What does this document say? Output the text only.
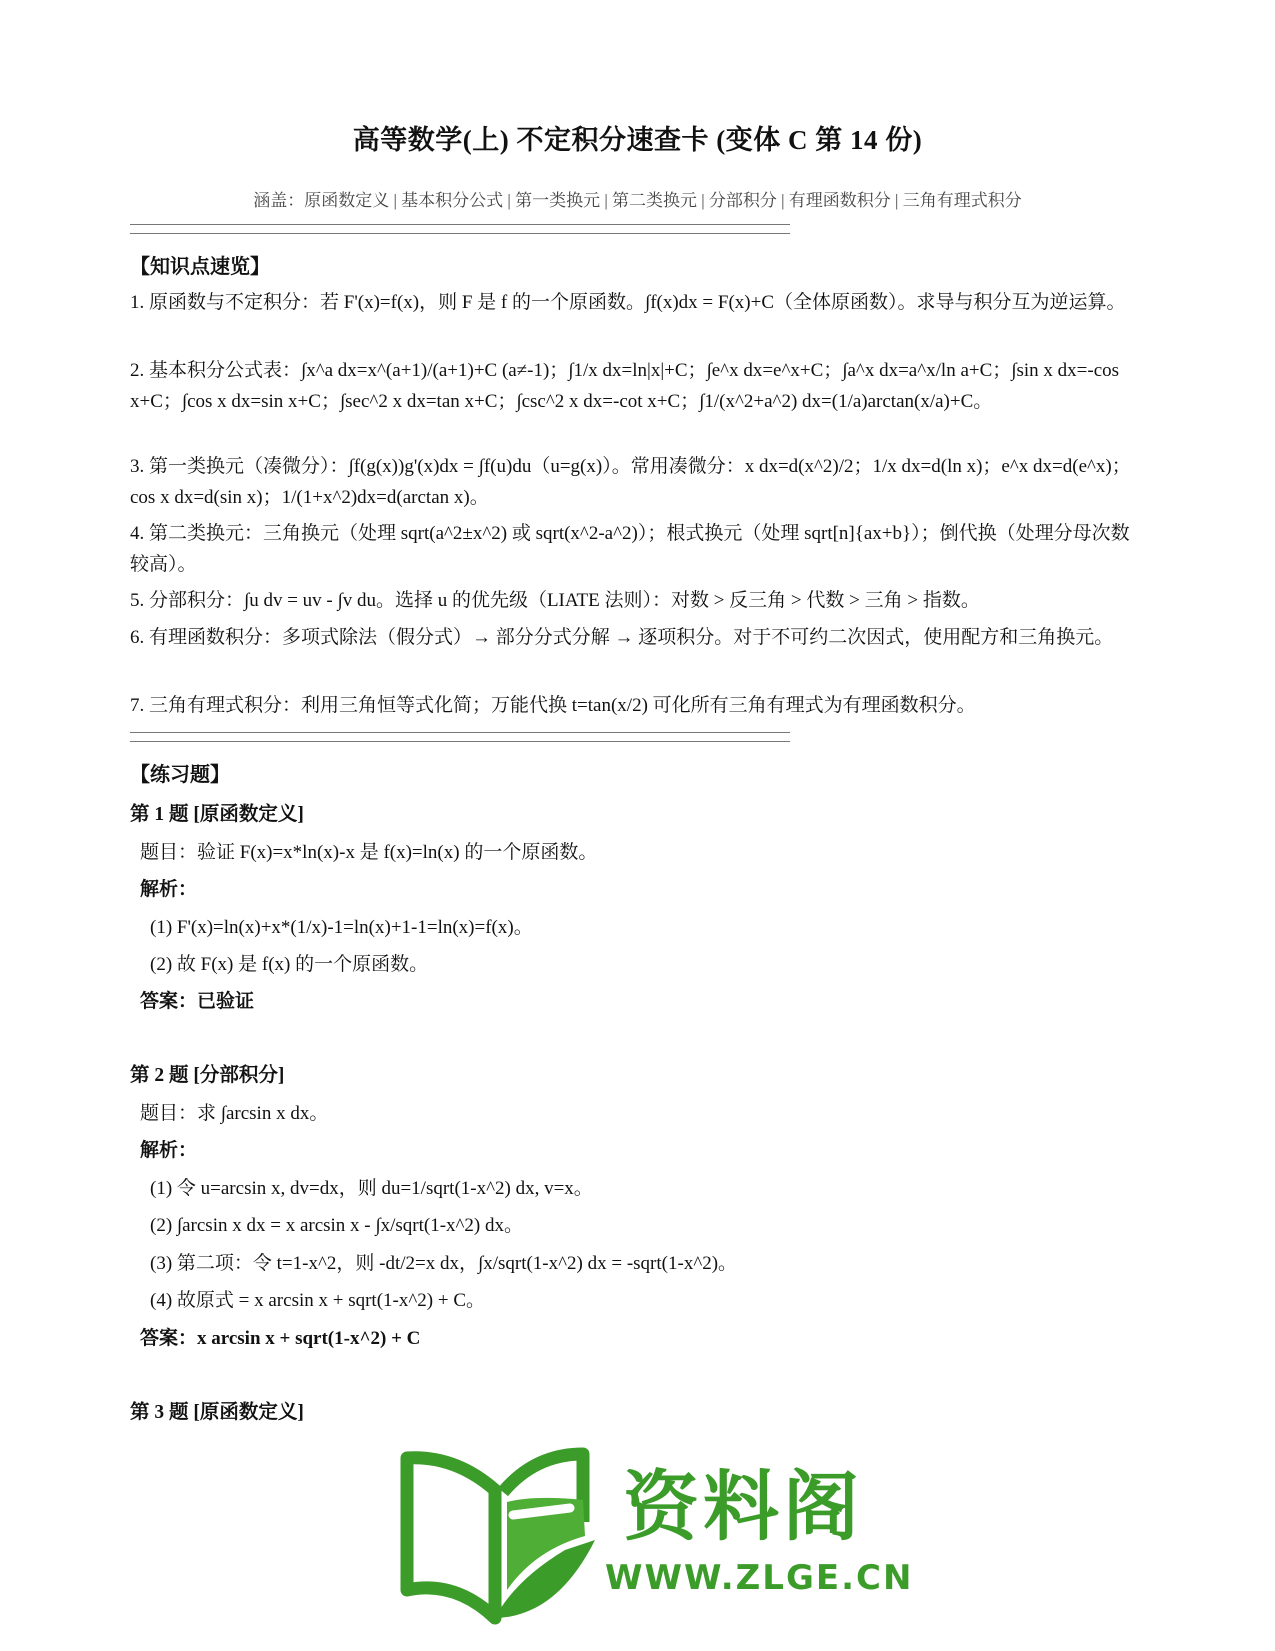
高等数学(上) 不定积分速查卡 (变体 C 第 14 份)
涵盖：原函数定义 | 基本积分公式 | 第一类换元 | 第二类换元 | 分部积分 | 有理函数积分 | 三角有理式积分
【知识点速览】
1. 原函数与不定积分：若 F'(x)=f(x)，则 F 是 f 的一个原函数。∫f(x)dx = F(x)+C（全体原函数）。求导与积分互为逆运算。
2. 基本积分公式表：∫x^a dx=x^(a+1)/(a+1)+C (a≠-1)；∫1/x dx=ln|x|+C；∫e^x dx=e^x+C；∫a^x dx=a^x/ln a+C；∫sin x dx=-cos x+C；∫cos x dx=sin x+C；∫sec^2 x dx=tan x+C；∫csc^2 x dx=-cot x+C；∫1/(x^2+a^2) dx=(1/a)arctan(x/a)+C。
3. 第一类换元（凑微分）：∫f(g(x))g'(x)dx = ∫f(u)du（u=g(x)）。常用凑微分：x dx=d(x^2)/2；1/x dx=d(ln x)；e^x dx=d(e^x)；cos x dx=d(sin x)；1/(1+x^2)dx=d(arctan x)。
4. 第二类换元：三角换元（处理 sqrt(a^2±x^2) 或 sqrt(x^2-a^2)）；根式换元（处理 sqrt[n]{ax+b}）；倒代换（处理分母次数较高）。
5. 分部积分：∫u dv = uv - ∫v du。选择 u 的优先级（LIATE 法则）：对数 > 反三角 > 代数 > 三角 > 指数。
6. 有理函数积分：多项式除法（假分式）→ 部分分式分解 → 逐项积分。对于不可约二次因式，使用配方和三角换元。
7. 三角有理式积分：利用三角恒等式化简；万能代换 t=tan(x/2) 可化所有三角有理式为有理函数积分。
【练习题】
第 1 题 [原函数定义]
题目：验证 F(x)=x*ln(x)-x 是 f(x)=ln(x) 的一个原函数。
解析：
(1) F'(x)=ln(x)+x*(1/x)-1=ln(x)+1-1=ln(x)=f(x)。
(2) 故 F(x) 是 f(x) 的一个原函数。
答案：已验证
第 2 题 [分部积分]
题目：求 ∫arcsin x dx。
解析：
(1) 令 u=arcsin x, dv=dx，则 du=1/sqrt(1-x^2) dx, v=x。
(2) ∫arcsin x dx = x arcsin x - ∫x/sqrt(1-x^2) dx。
(3) 第二项：令 t=1-x^2，则 -dt/2=x dx，∫x/sqrt(1-x^2) dx = -sqrt(1-x^2)。
(4) 故原式 = x arcsin x + sqrt(1-x^2) + C。
答案：x arcsin x + sqrt(1-x^2) + C
第 3 题 [原函数定义]
资料阁
WWW.ZLGE.CN
